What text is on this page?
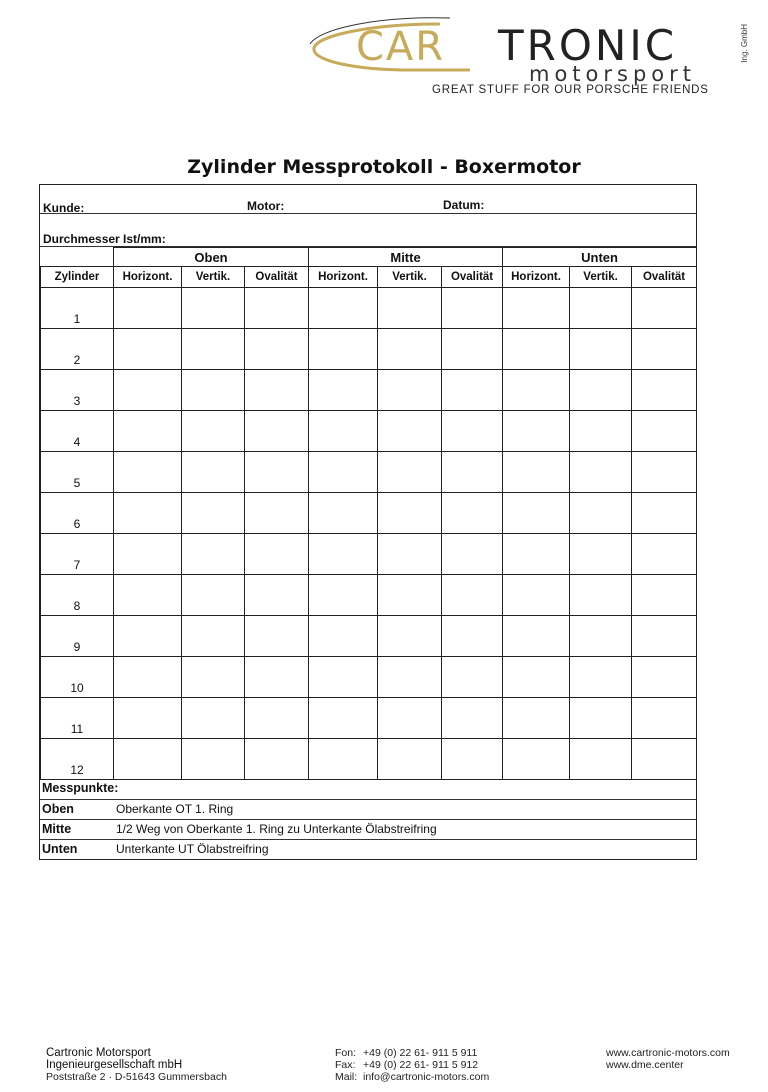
CAR TRONIC
motorsport
Ing. GmbH
GREAT STUFF FOR OUR PORSCHE FRIENDS
Zylinder Messprotokoll - Boxermotor
Kunde:	Motor:	Datum:
Durchmesser Ist/mm:
	Oben			Mitte			Unten		
Zylinder	Horizont.	Vertik.	Ovalität	Horizont.	Vertik.	Ovalität	Horizont.	Vertik.	Ovalität
1									
2									
3									
4									
5									
6									
7									
8									
9									
10									
11									
12									
Messpunkte:
Oben	Oberkante OT 1. Ring
Mitte	1/2 Weg von Oberkante 1. Ring zu Unterkante Ölabstreifring
Unten	Unterkante UT Ölabstreifring
Cartronic Motorsport
Ingenieurgesellschaft mbH
Poststraße 2 · D-51643 Gummersbach
Fon:
Fax:
Mail:
+49 (0) 22 61- 911 5 911
+49 (0) 22 61- 911 5 912
info@cartronic-motors.com
www.cartronic-motors.com
www.dme.center
